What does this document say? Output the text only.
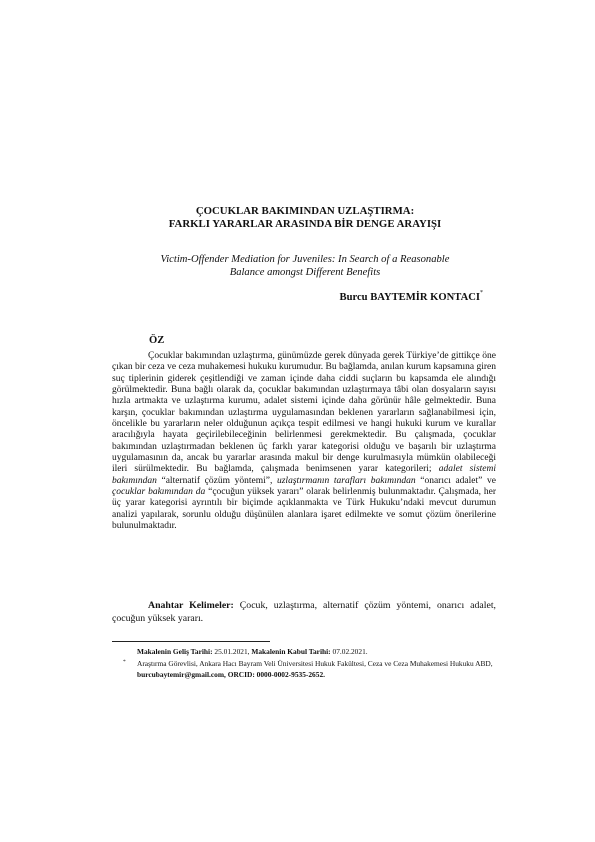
ÇOCUKLAR BAKIMINDAN UZLAŞTIRMA:
FARKLI YARARLAR ARASINDA BİR DENGE ARAYIŞI
Victim-Offender Mediation for Juveniles: In Search of a Reasonable
Balance amongst Different Benefits
Burcu BAYTEMİR KONTACI*
ÖZ

Çocuklar bakımından uzlaştırma, günümüzde gerek dünyada gerek Türkiye’de gittikçe öne çıkan bir ceza ve ceza muhakemesi hukuku kurumudur. Bu bağlamda, anılan kurum kapsamına giren suç tiplerinin giderek çeşitlendiği ve zaman içinde daha ciddi suçların bu kapsamda ele alındığı görülmektedir. Buna bağlı olarak da, çocuklar bakımından uzlaştırmaya tâbi olan dosyaların sayısı hızla artmakta ve uzlaştırma kurumu, adalet sistemi içinde daha görünür hâle gelmektedir. Buna karşın, çocuklar bakımından uzlaştırma uygulamasından beklenen yararların sağlanabilmesi için, öncelikle bu yararların neler olduğunun açıkça tespit edilmesi ve hangi hukuki kurum ve kurallar aracılığıyla hayata geçirilebileceğinin belirlenmesi gerekmektedir. Bu çalışmada, çocuklar bakımından uzlaştırmadan beklenen üç farklı yarar kategorisi olduğu ve başarılı bir uzlaştırma uygulamasının da, ancak bu yararlar arasında makul bir denge kurulmasıyla mümkün olabileceği ileri sürülmektedir. Bu bağlamda, çalışmada benimsenen yarar kategorileri; adalet sistemi bakımından “alternatif çözüm yöntemi”, uzlaştırmanın tarafları bakımından “onarıcı adalet” ve çocuklar bakımından da “çocuğun yüksek yararı” olarak belirlenmiş bulunmaktadır. Çalışmada, her üç yarar kategorisi ayrıntılı bir biçimde açıklanmakta ve Türk Hukuku’ndaki mevcut durumun analizi yapılarak, sorunlu olduğu düşünülen alanlara işaret edilmekte ve somut çözüm önerilerine bulunulmaktadır.

Anahtar Kelimeler: Çocuk, uzlaştırma, alternatif çözüm yöntemi, onarıcı adalet, çocuğun yüksek yararı.

Makalenin Geliş Tarihi: 25.01.2021, Makalenin Kabul Tarihi: 07.02.2021.
* Araştırma Görevlisi, Ankara Hacı Bayram Veli Üniversitesi Hukuk Fakültesi, Ceza ve Ceza Muhakemesi Hukuku ABD, burcubaytemir@gmail.com, ORCID: 0000-0002-9535-2652.
